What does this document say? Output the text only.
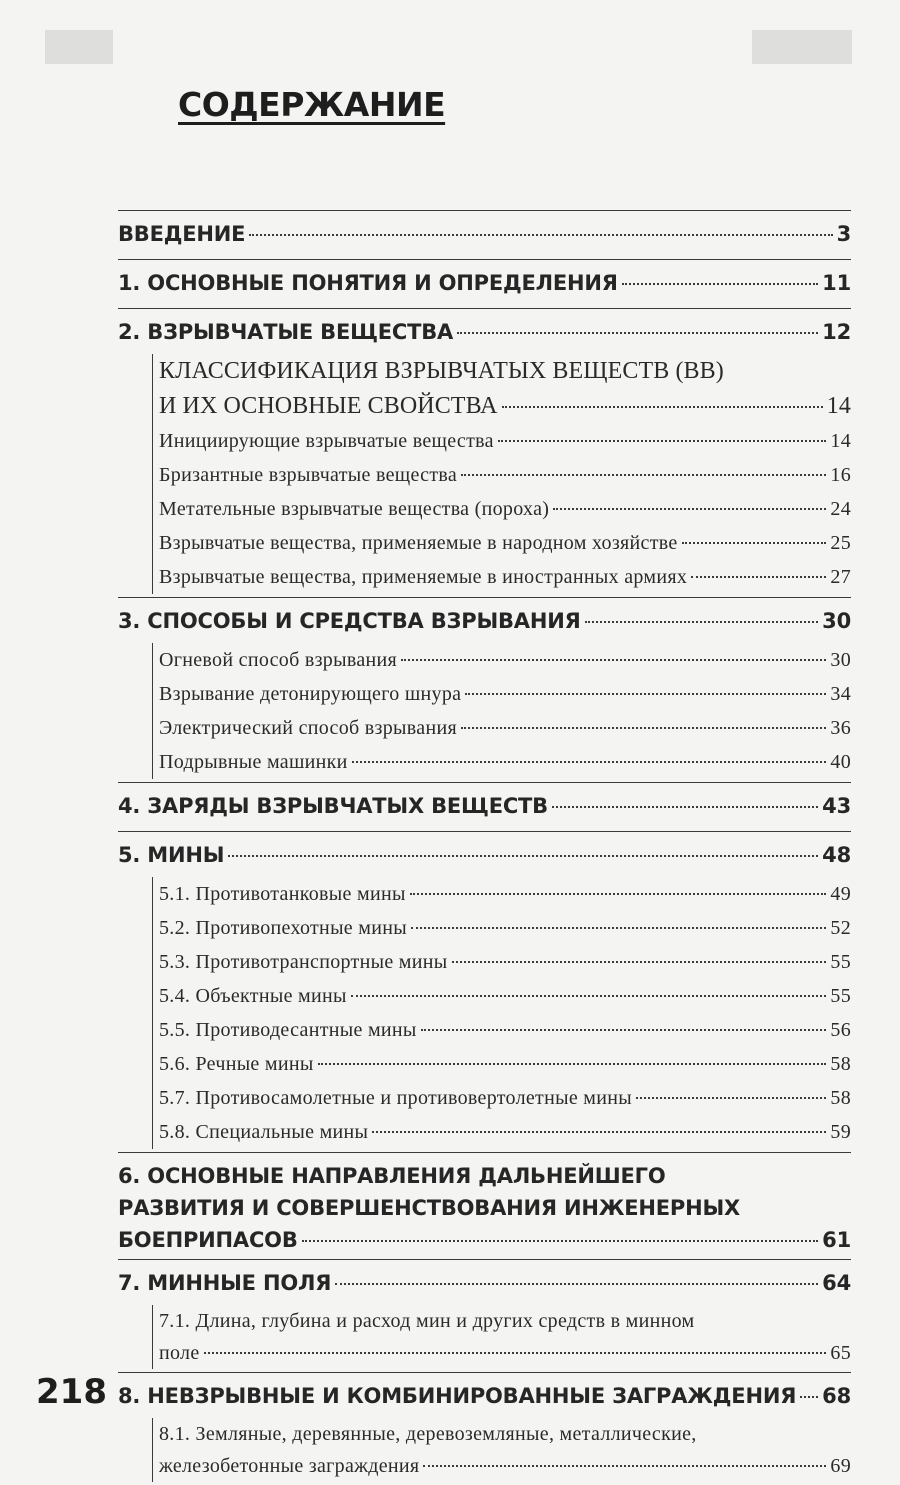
СОДЕРЖАНИЕ
ВВЕДЕНИЕ	3
1. ОСНОВНЫЕ ПОНЯТИЯ И ОПРЕДЕЛЕНИЯ	11
2. ВЗРЫВЧАТЫЕ ВЕЩЕСТВА	12
КЛАССИФИКАЦИЯ ВЗРЫВЧАТЫХ ВЕЩЕСТВ (ВВ)
И ИХ ОСНОВНЫЕ СВОЙСТВА	14
Инициирующие взрывчатые вещества	14
Бризантные взрывчатые вещества	16
Метательные взрывчатые вещества (пороха)	24
Взрывчатые вещества, применяемые в народном хозяйстве	25
Взрывчатые вещества, применяемые в иностранных армиях	27
3. СПОСОБЫ И СРЕДСТВА ВЗРЫВАНИЯ	30
Огневой способ взрывания	30
Взрывание детонирующего шнура	34
Электрический способ взрывания	36
Подрывные машинки	40
4. ЗАРЯДЫ ВЗРЫВЧАТЫХ ВЕЩЕСТВ	43
5. МИНЫ	48
5.1. Противотанковые мины	49
5.2. Противопехотные мины	52
5.3. Противотранспортные мины	55
5.4. Объектные мины	55
5.5. Противодесантные мины	56
5.6. Речные мины	58
5.7. Противосамолетные и противовертолетные мины	58
5.8. Специальные мины	59
6. ОСНОВНЫЕ НАПРАВЛЕНИЯ ДАЛЬНЕЙШЕГО
РАЗВИТИЯ И СОВЕРШЕНСТВОВАНИЯ ИНЖЕНЕРНЫХ
БОЕПРИПАСОВ	61
7. МИННЫЕ ПОЛЯ	64
7.1. Длина, глубина и расход мин и других средств в минном
поле	65
8. НЕВЗРЫВНЫЕ И КОМБИНИРОВАННЫЕ ЗАГРАЖДЕНИЯ 68
8.1. Земляные, деревянные, деревоземляные, металлические,
железобетонные заграждения	69
218
